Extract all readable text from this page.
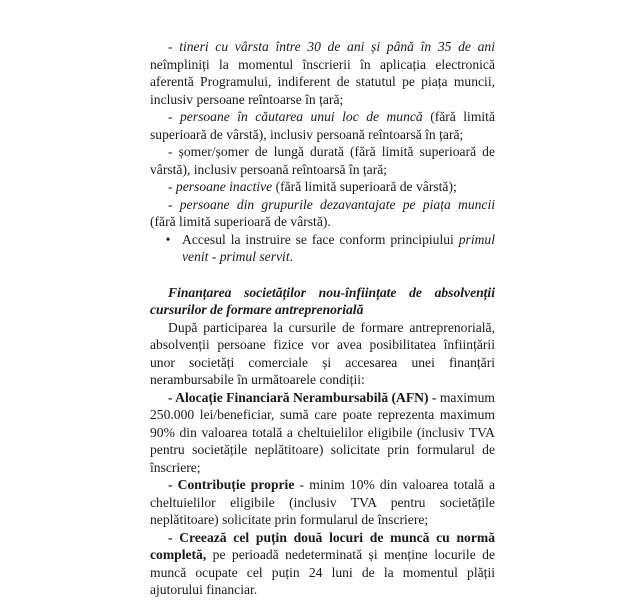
- tineri cu vârsta între 30 de ani și până în 35 de ani neîmpliniți la momentul înscrierii în aplicația electronică aferentă Programului, indiferent de statutul pe piața muncii, inclusiv persoane reîntoarse în țară;

- persoane în căutarea unui loc de muncă (fără limită superioară de vârstă), inclusiv persoană reîntoarsă în țară;

- șomer/șomer de lungă durată (fără limită superioară de vârstă), inclusiv persoană reîntoarsă în țară;

- persoane inactive (fără limită superioară de vârstă);

- persoane din grupurile dezavantajate pe piața muncii (fără limită superioară de vârstă).

• Accesul la instruire se face conform principiului primul venit - primul servit.

Finanțarea societăților nou-înființate de absolvenții cursurilor de formare antreprenorială

După participarea la cursurile de formare antreprenorială, absolvenții persoane fizice vor avea posibilitatea înființării unor societăți comerciale și accesarea unei finanțări nerambursabile în următoarele condiții:

- Alocație Financiară Nerambursabilă (AFN) - maximum 250.000 lei/beneficiar, sumă care poate reprezenta maximum 90% din valoarea totală a cheltuielilor eligibile (inclusiv TVA pentru societățile neplătitoare) solicitate prin formularul de înscriere;

- Contribuție proprie - minim 10% din valoarea totală a cheltuielilor eligibile (inclusiv TVA pentru societățile neplătitoare) solicitate prin formularul de înscriere;

- Creează cel puțin două locuri de muncă cu normă completă, pe perioadă nedeterminată și menține locurile de muncă ocupate cel puțin 24 luni de la momentul plății ajutorului financiar.
